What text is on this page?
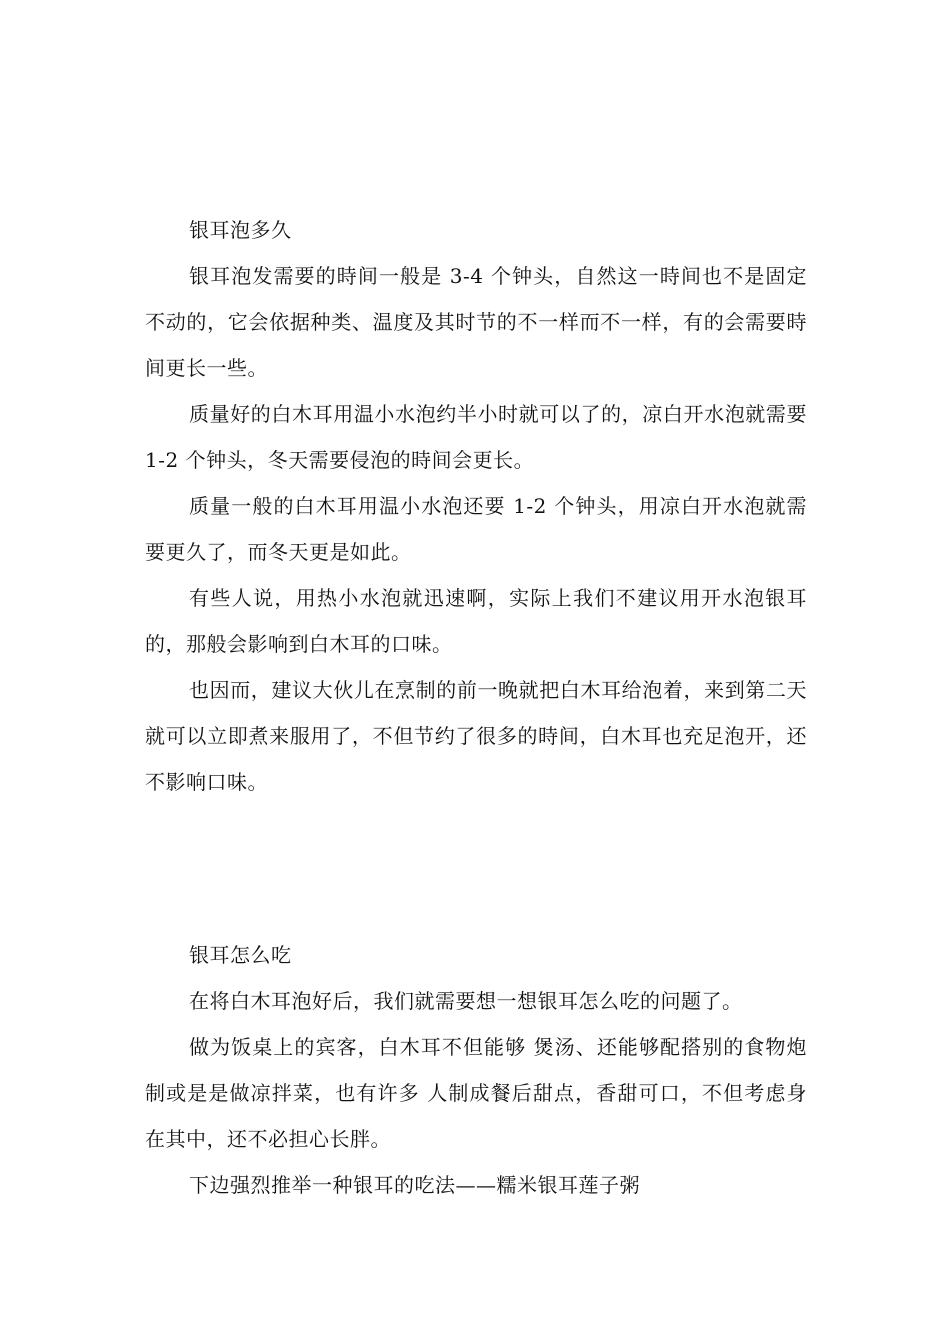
银耳泡多久

银耳泡发需要的時间一般是 3-4 个钟头，自然这一時间也不是固定不动的，它会依据种类、温度及其时节的不一样而不一样，有的会需要時间更长一些。

质量好的白木耳用温小水泡约半小时就可以了的，凉白开水泡就需要 1-2 个钟头，冬天需要侵泡的時间会更长。

质量一般的白木耳用温小水泡还要 1-2 个钟头，用凉白开水泡就需要更久了，而冬天更是如此。

有些人说，用热小水泡就迅速啊，实际上我们不建议用开水泡银耳的，那般会影响到白木耳的口味。

也因而，建议大伙儿在烹制的前一晚就把白木耳给泡着，来到第二天就可以立即煮来服用了，不但节约了很多的時间，白木耳也充足泡开，还不影响口味。

银耳怎么吃

在将白木耳泡好后，我们就需要想一想银耳怎么吃的问题了。

做为饭桌上的宾客，白木耳不但能够 煲汤、还能够配搭别的食物炮制或是是做凉拌菜，也有许多 人制成餐后甜点，香甜可口，不但考虑身在其中，还不必担心长胖。

下边强烈推举一种银耳的吃法——糯米银耳莲子粥
